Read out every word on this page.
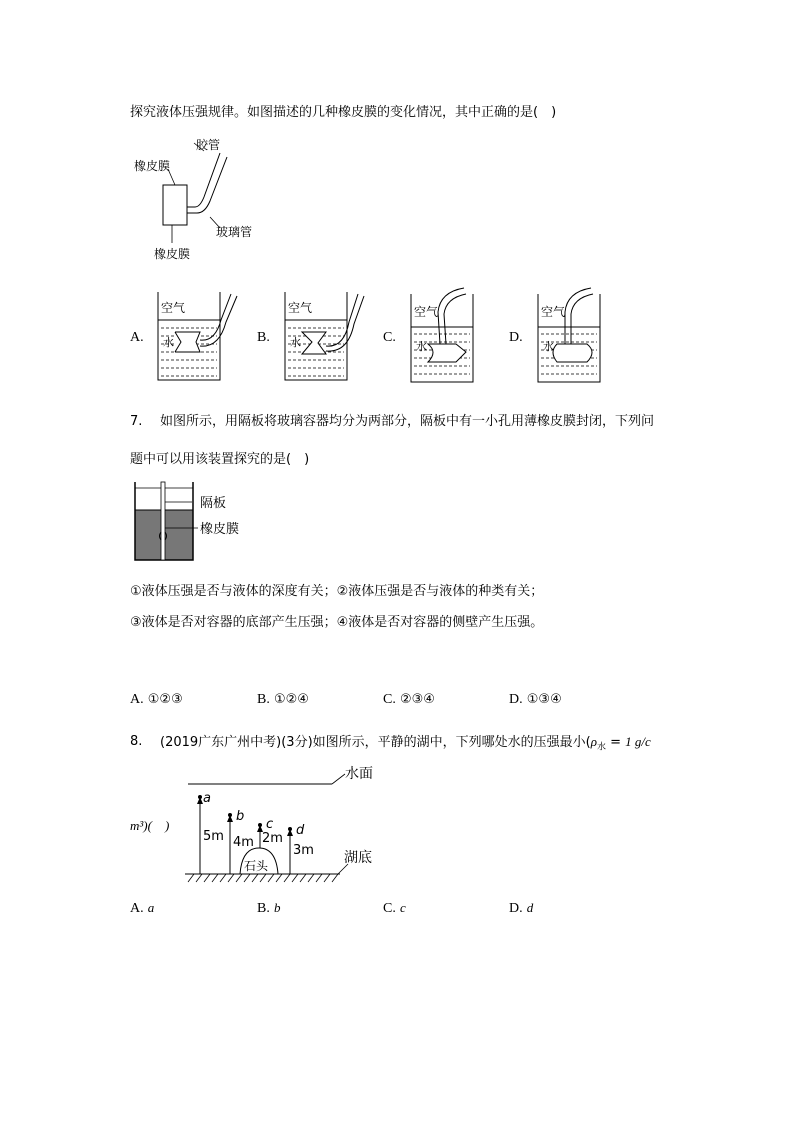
探究液体压强规律。如图描述的几种橡皮膜的变化情况，其中正确的是(　)
胶管
橡皮膜
玻璃管
橡皮膜
A.	B.	C.	D.
空气
水
空气
水
空气
水
空气
水
7. 如图所示，用隔板将玻璃容器均分为两部分，隔板中有一小孔用薄橡皮膜封闭，下列问
题中可以用该装置探究的是(　)
隔板
橡皮膜
①液体压强是否与液体的深度有关；②液体压强是否与液体的种类有关；
③液体是否对容器的底部产生压强；④液体是否对容器的侧壁产生压强。
A. ①②③	B. ①②④	C. ②③④	D. ①③④
8. (2019广东广州中考)(3分)如图所示，平静的湖中，下列哪处水的压强最小($\rho_水 = 1$ g/c
m³)(　)
水面
湖底
石头
a
5m
b
4m
c
2m
d
3m
A. a	B. b	C. c	D. d
